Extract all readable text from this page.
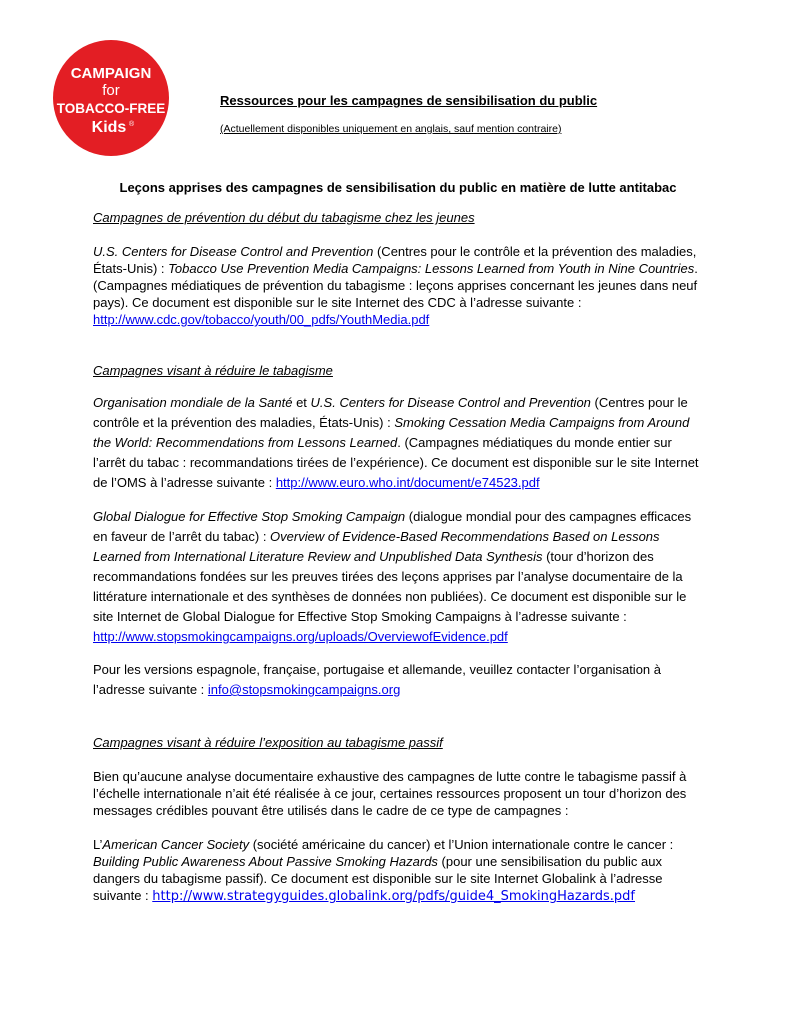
CAMPAIGN
for
TOBACCO-FREE
Kids ®
Ressources pour les campagnes de sensibilisation du public
(Actuellement disponibles uniquement en anglais, sauf mention contraire)

Leçons apprises des campagnes de sensibilisation du public en matière de lutte antitabac

Campagnes de prévention du début du tabagisme chez les jeunes

U.S. Centers for Disease Control and Prevention (Centres pour le contrôle et la prévention des maladies, États-Unis) : Tobacco Use Prevention Media Campaigns: Lessons Learned from Youth in Nine Countries. (Campagnes médiatiques de prévention du tabagisme : leçons apprises concernant les jeunes dans neuf pays). Ce document est disponible sur le site Internet des CDC à l’adresse suivante : http://www.cdc.gov/tobacco/youth/00_pdfs/YouthMedia.pdf

Campagnes visant à réduire le tabagisme

Organisation mondiale de la Santé et U.S. Centers for Disease Control and Prevention (Centres pour le contrôle et la prévention des maladies, États-Unis) : Smoking Cessation Media Campaigns from Around the World: Recommendations from Lessons Learned. (Campagnes médiatiques du monde entier sur l’arrêt du tabac : recommandations tirées de l’expérience). Ce document est disponible sur le site Internet de l’OMS à l’adresse suivante : http://www.euro.who.int/document/e74523.pdf

Global Dialogue for Effective Stop Smoking Campaign (dialogue mondial pour des campagnes efficaces en faveur de l’arrêt du tabac) : Overview of Evidence-Based Recommendations Based on Lessons Learned from International Literature Review and Unpublished Data Synthesis (tour d’horizon des recommandations fondées sur les preuves tirées des leçons apprises par l’analyse documentaire de la littérature internationale et des synthèses de données non publiées). Ce document est disponible sur le site Internet de Global Dialogue for Effective Stop Smoking Campaigns à l’adresse suivante : http://www.stopsmokingcampaigns.org/uploads/OverviewofEvidence.pdf

Pour les versions espagnole, française, portugaise et allemande, veuillez contacter l’organisation à l’adresse suivante : info@stopsmokingcampaigns.org

Campagnes visant à réduire l’exposition au tabagisme passif

Bien qu’aucune analyse documentaire exhaustive des campagnes de lutte contre le tabagisme passif à l’échelle internationale n’ait été réalisée à ce jour, certaines ressources proposent un tour d’horizon des messages crédibles pouvant être utilisés dans le cadre de ce type de campagnes :

L’American Cancer Society (société américaine du cancer) et l’Union internationale contre le cancer : Building Public Awareness About Passive Smoking Hazards (pour une sensibilisation du public aux dangers du tabagisme passif). Ce document est disponible sur le site Internet Globalink à l’adresse suivante : http://www.strategyguides.globalink.org/pdfs/guide4_SmokingHazards.pdf
